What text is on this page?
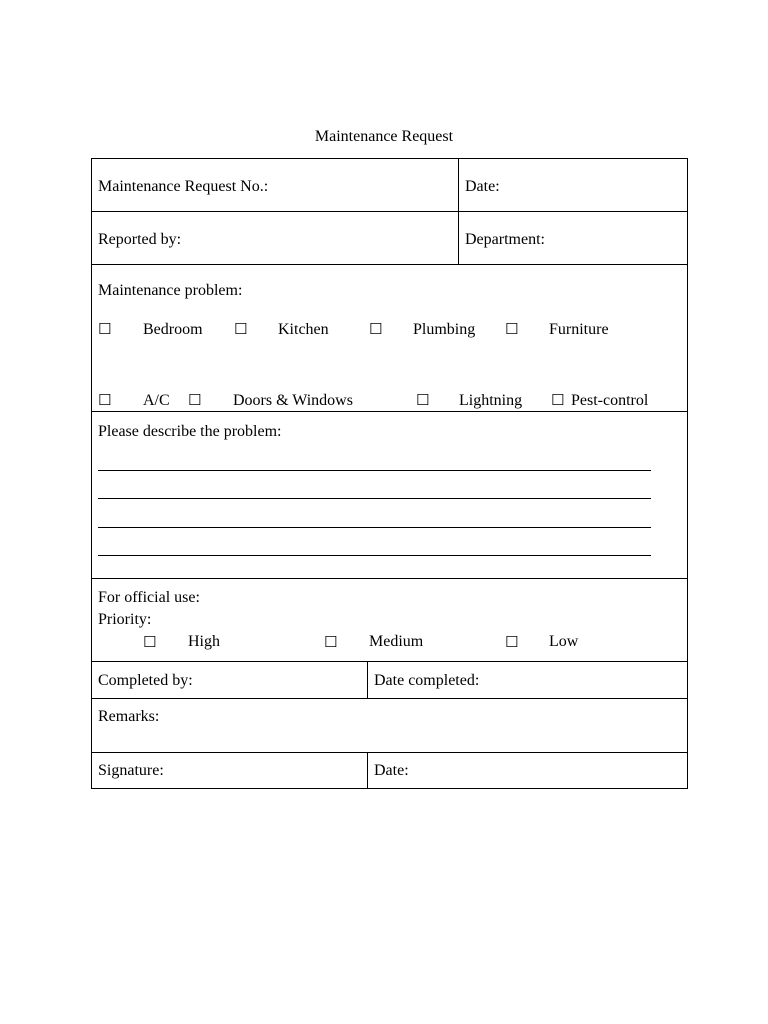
Maintenance Request
Maintenance Request No.:	Date:
Reported by:	Department:
Maintenance problem:
☐ Bedroom ☐ Kitchen	☐ Plumbing ☐ Furniture
☐ A/C ☐ Doors & Windows	☐ Lightning ☐ Pest-control
Please describe the problem:
For official use:
Priority:
☐ High	☐ Medium	☐ Low
Completed by:	Date completed:
Remarks:
Signature:	Date:
